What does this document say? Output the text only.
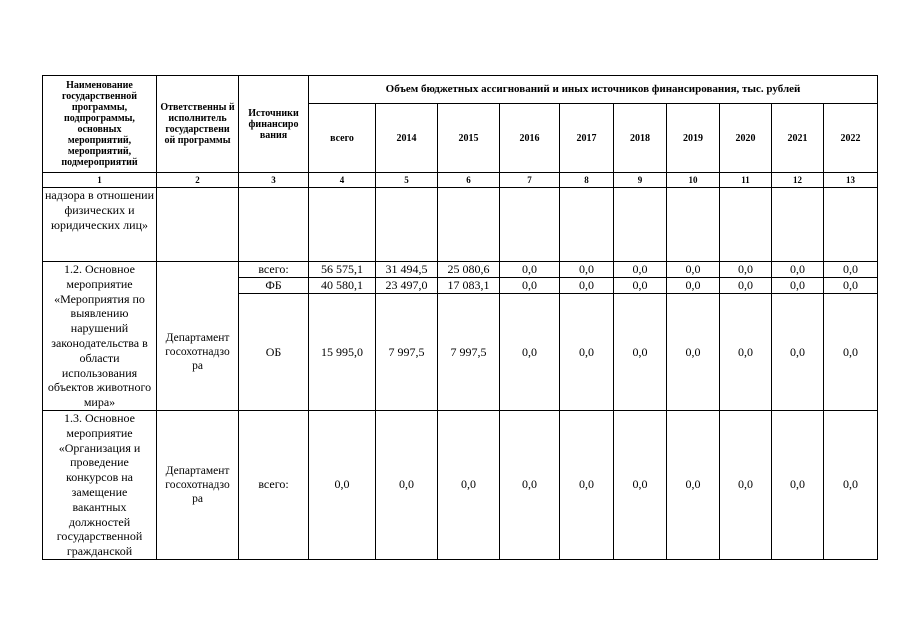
Наименование государственной программы, подпрограммы, основных мероприятий, мероприятий, подмероприятий	Ответственны й исполнитель государствени ой программы	Источники финансиро вания	Объем бюджетных ассигнований и иных источников финансирования, тыс. рублей									
			всего	2014	2015	2016	2017	2018	2019	2020	2021	2022
1	2	3	4	5	6	7	8	9	10	11	12	13
надзора в отношении физических и юридических лиц»												
1.2. Основное мероприятие «Мероприятия по выявлению нарушений законодательства в области использования объектов животного мира»		всего:	56 575,1	31 494,5	25 080,6	0,0	0,0	0,0	0,0	0,0	0,0	0,0
		ФБ	40 580,1	23 497,0	17 083,1	0,0	0,0	0,0	0,0	0,0	0,0	0,0
	Департамент госохотнадзо ра	ОБ	15 995,0	7 997,5	7 997,5	0,0	0,0	0,0	0,0	0,0	0,0	0,0
1.3. Основное мероприятие «Организация и проведение конкурсов на замещение вакантных должностей государственной гражданской	Департамент госохотнадзо ра	всего:	0,0	0,0	0,0	0,0	0,0	0,0	0,0	0,0	0,0	0,0
